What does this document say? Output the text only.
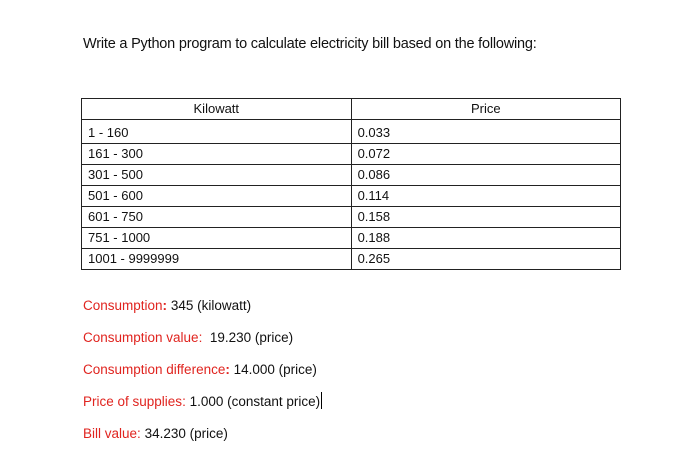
Write a Python program to calculate electricity bill based on the following:
Kilowatt	Price
1 - 160	0.033
161 - 300	0.072
301 - 500	0.086
501 - 600	0.114
601 - 750	0.158
751 - 1000	0.188
1001 - 9999999	0.265
Consumption: 345 (kilowatt)
Consumption value: 19.230 (price)
Consumption difference: 14.000 (price)
Price of supplies: 1.000 (constant price)
Bill value: 34.230 (price)
